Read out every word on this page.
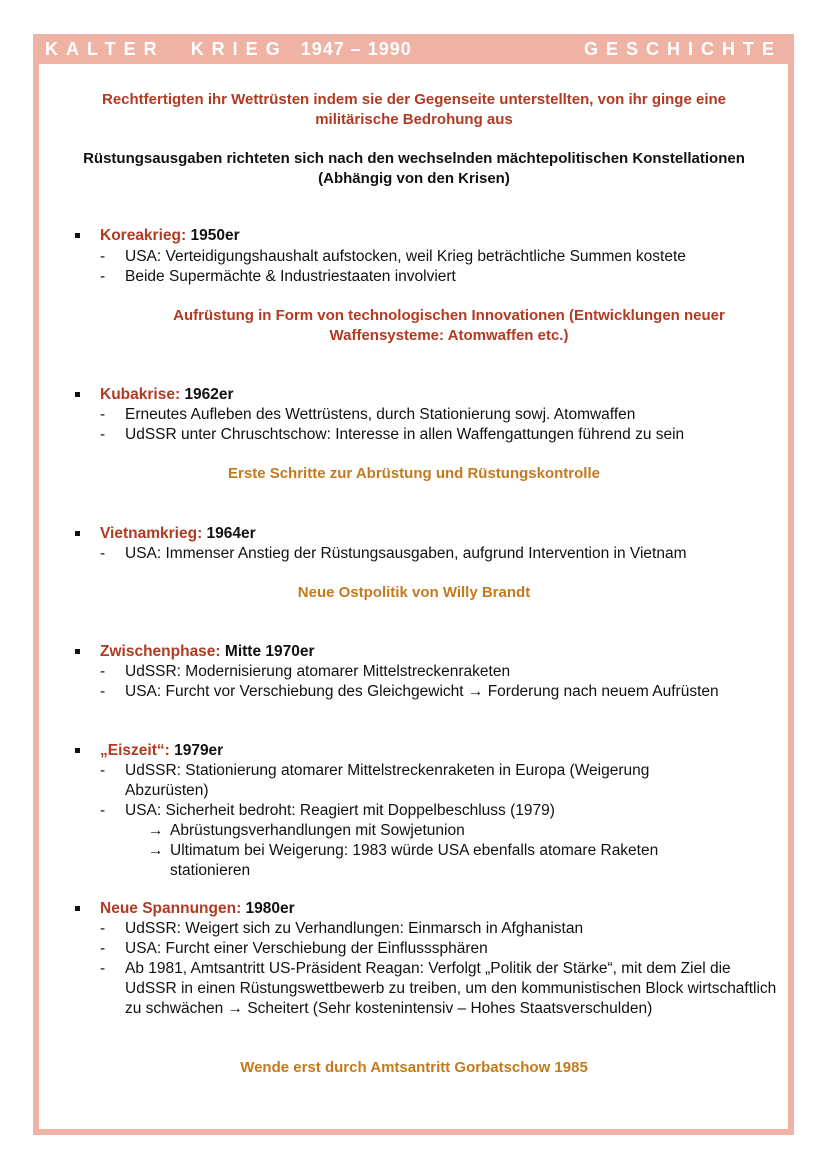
KALTER KRIEG 1947 – 1990	GESCHICHTE
Rechtfertigten ihr Wettrüsten indem sie der Gegenseite unterstellten, von ihr ginge eine
militärische Bedrohung aus
Rüstungsausgaben richteten sich nach den wechselnden mächtepolitischen Konstellationen
(Abhängig von den Krisen)
Koreakrieg: 1950er
- USA: Verteidigungshaushalt aufstocken, weil Krieg beträchtliche Summen kostete
- Beide Supermächte & Industriestaaten involviert
Aufrüstung in Form von technologischen Innovationen (Entwicklungen neuer
Waffensysteme: Atomwaffen etc.)
Kubakrise: 1962er
- Erneutes Aufleben des Wettrüstens, durch Stationierung sowj. Atomwaffen
- UdSSR unter Chruschtschow: Interesse in allen Waffengattungen führend zu sein
Erste Schritte zur Abrüstung und Rüstungskontrolle
Vietnamkrieg: 1964er
- USA: Immenser Anstieg der Rüstungsausgaben, aufgrund Intervention in Vietnam
Neue Ostpolitik von Willy Brandt
Zwischenphase: Mitte 1970er
- UdSSR: Modernisierung atomarer Mittelstreckenraketen
- USA: Furcht vor Verschiebung des Gleichgewicht → Forderung nach neuem Aufrüsten
„Eiszeit“: 1979er
- UdSSR: Stationierung atomarer Mittelstreckenraketen in Europa (Weigerung Abzurüsten)
- USA: Sicherheit bedroht: Reagiert mit Doppelbeschluss (1979)
→ Abrüstungsverhandlungen mit Sowjetunion
→ Ultimatum bei Weigerung: 1983 würde USA ebenfalls atomare Raketen stationieren
Neue Spannungen: 1980er
- UdSSR: Weigert sich zu Verhandlungen: Einmarsch in Afghanistan
- USA: Furcht einer Verschiebung der Einflusssphären
- Ab 1981, Amtsantritt US-Präsident Reagan: Verfolgt „Politik der Stärke“, mit dem Ziel die UdSSR in einen Rüstungswettbewerb zu treiben, um den kommunistischen Block wirtschaftlich zu schwächen → Scheitert (Sehr kostenintensiv – Hohes Staatsverschulden)
Wende erst durch Amtsantritt Gorbatschow 1985
